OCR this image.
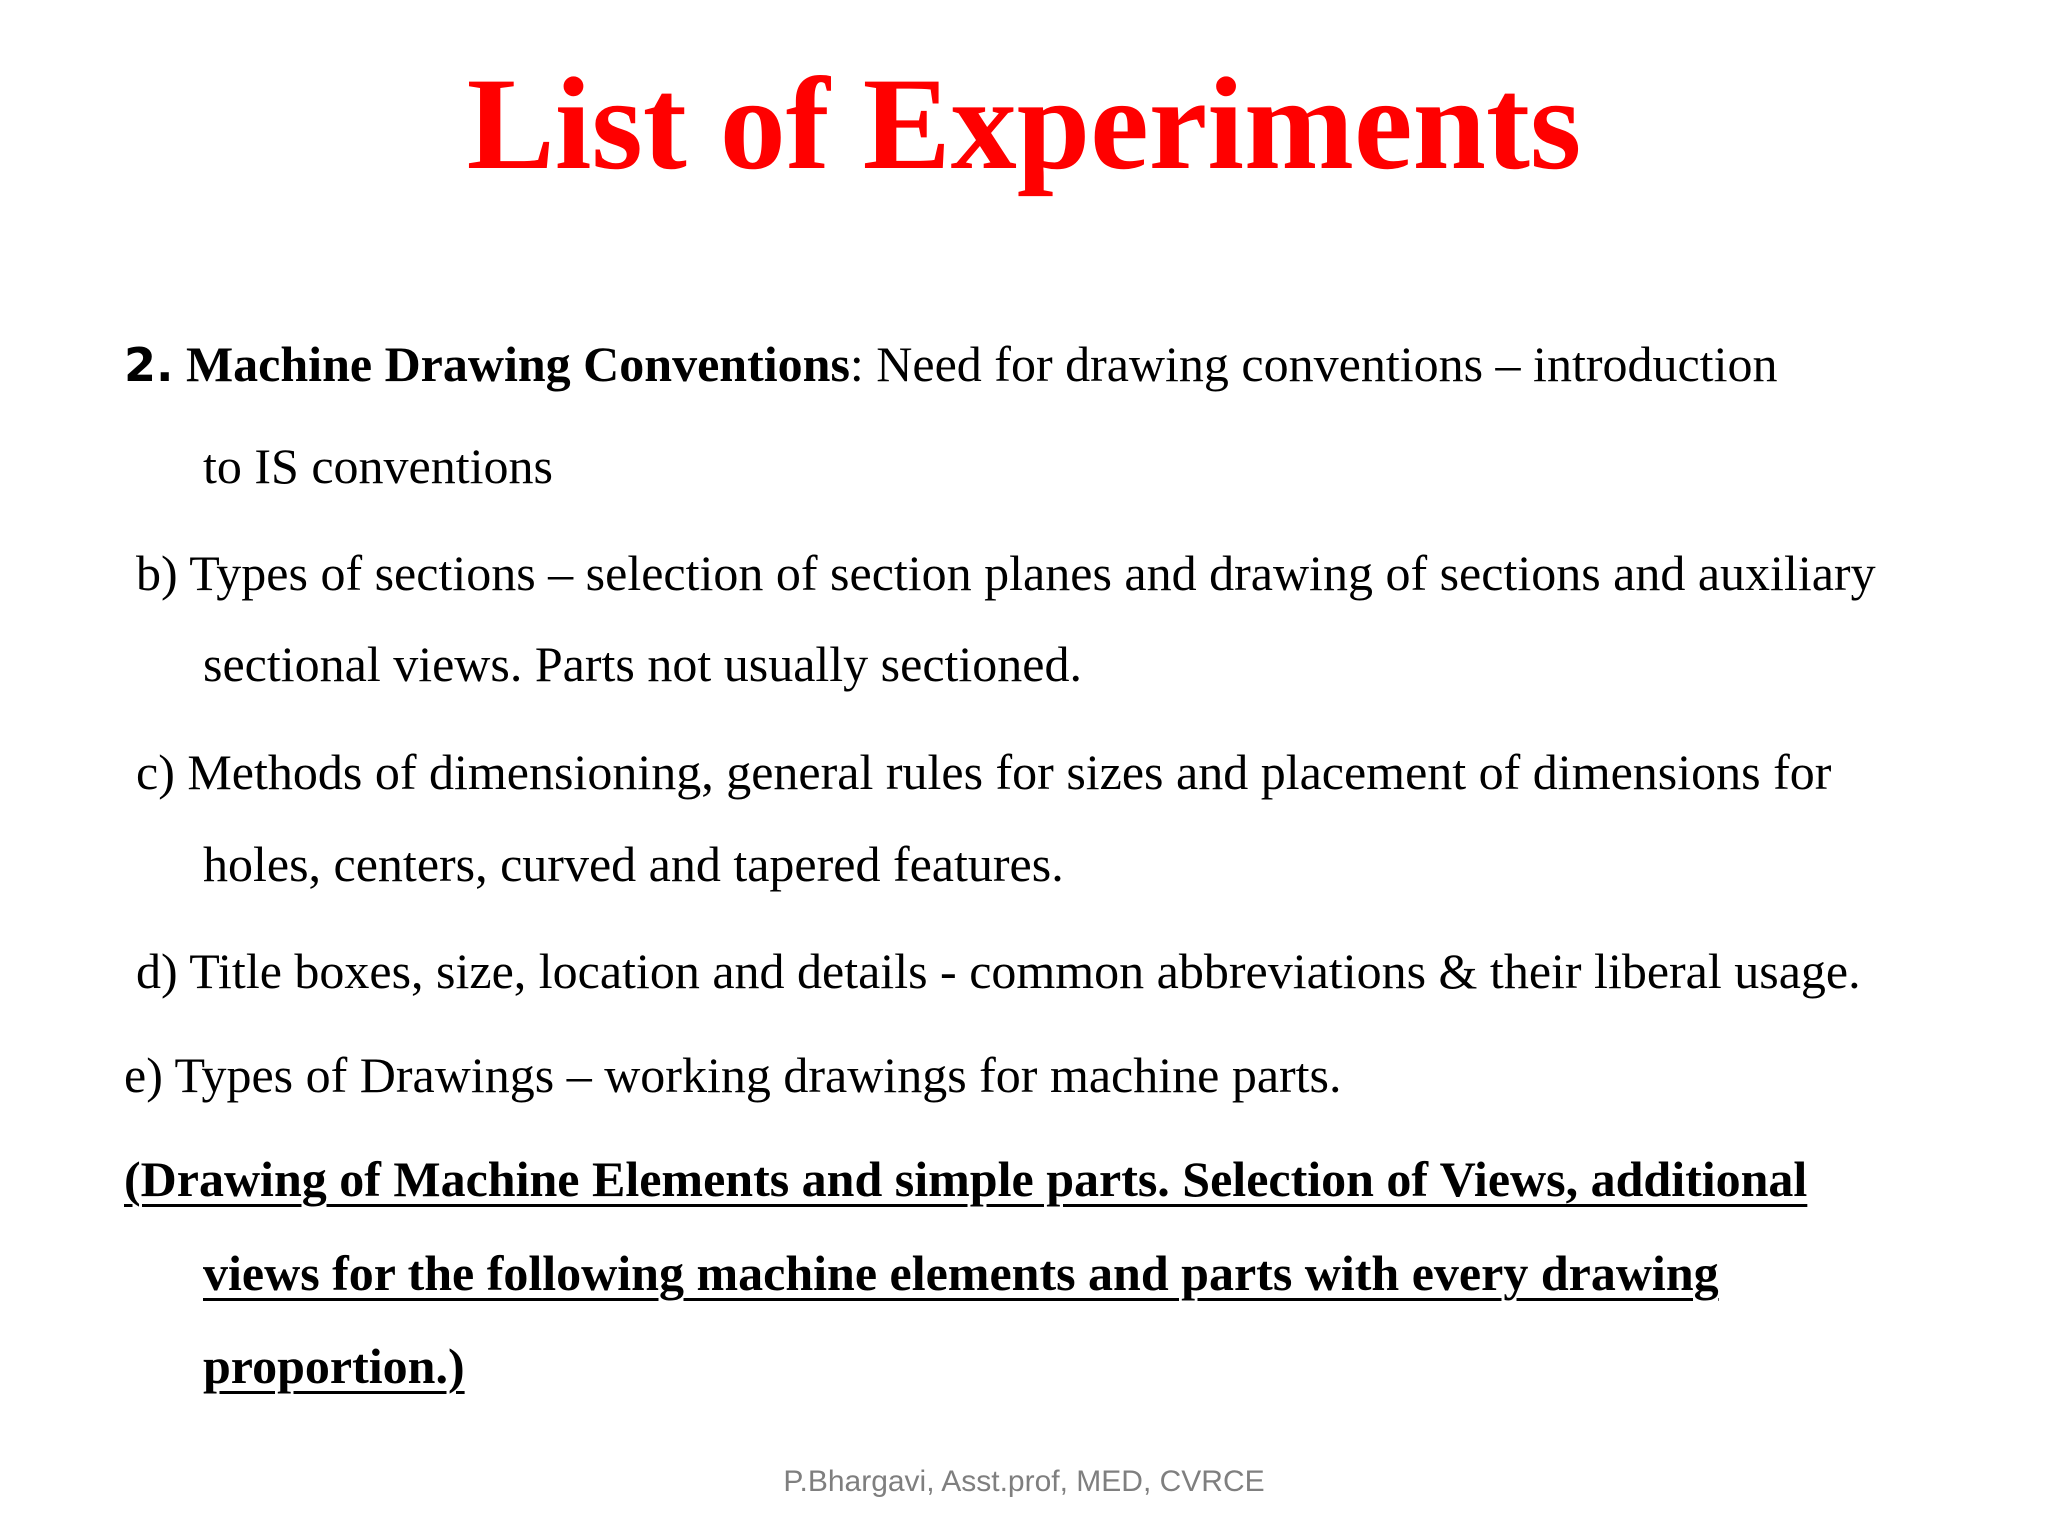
List of Experiments
2. Machine Drawing Conventions: Need for drawing conventions – introduction
to IS conventions
b) Types of sections – selection of section planes and drawing of sections and auxiliary
sectional views. Parts not usually sectioned.
c) Methods of dimensioning, general rules for sizes and placement of dimensions for
holes, centers, curved and tapered features.
d) Title boxes, size, location and details - common abbreviations & their liberal usage.
e) Types of Drawings – working drawings for machine parts.
(Drawing of Machine Elements and simple parts. Selection of Views, additional
views for the following machine elements and parts with every drawing
proportion.)
P.Bhargavi, Asst.prof, MED, CVRCE
